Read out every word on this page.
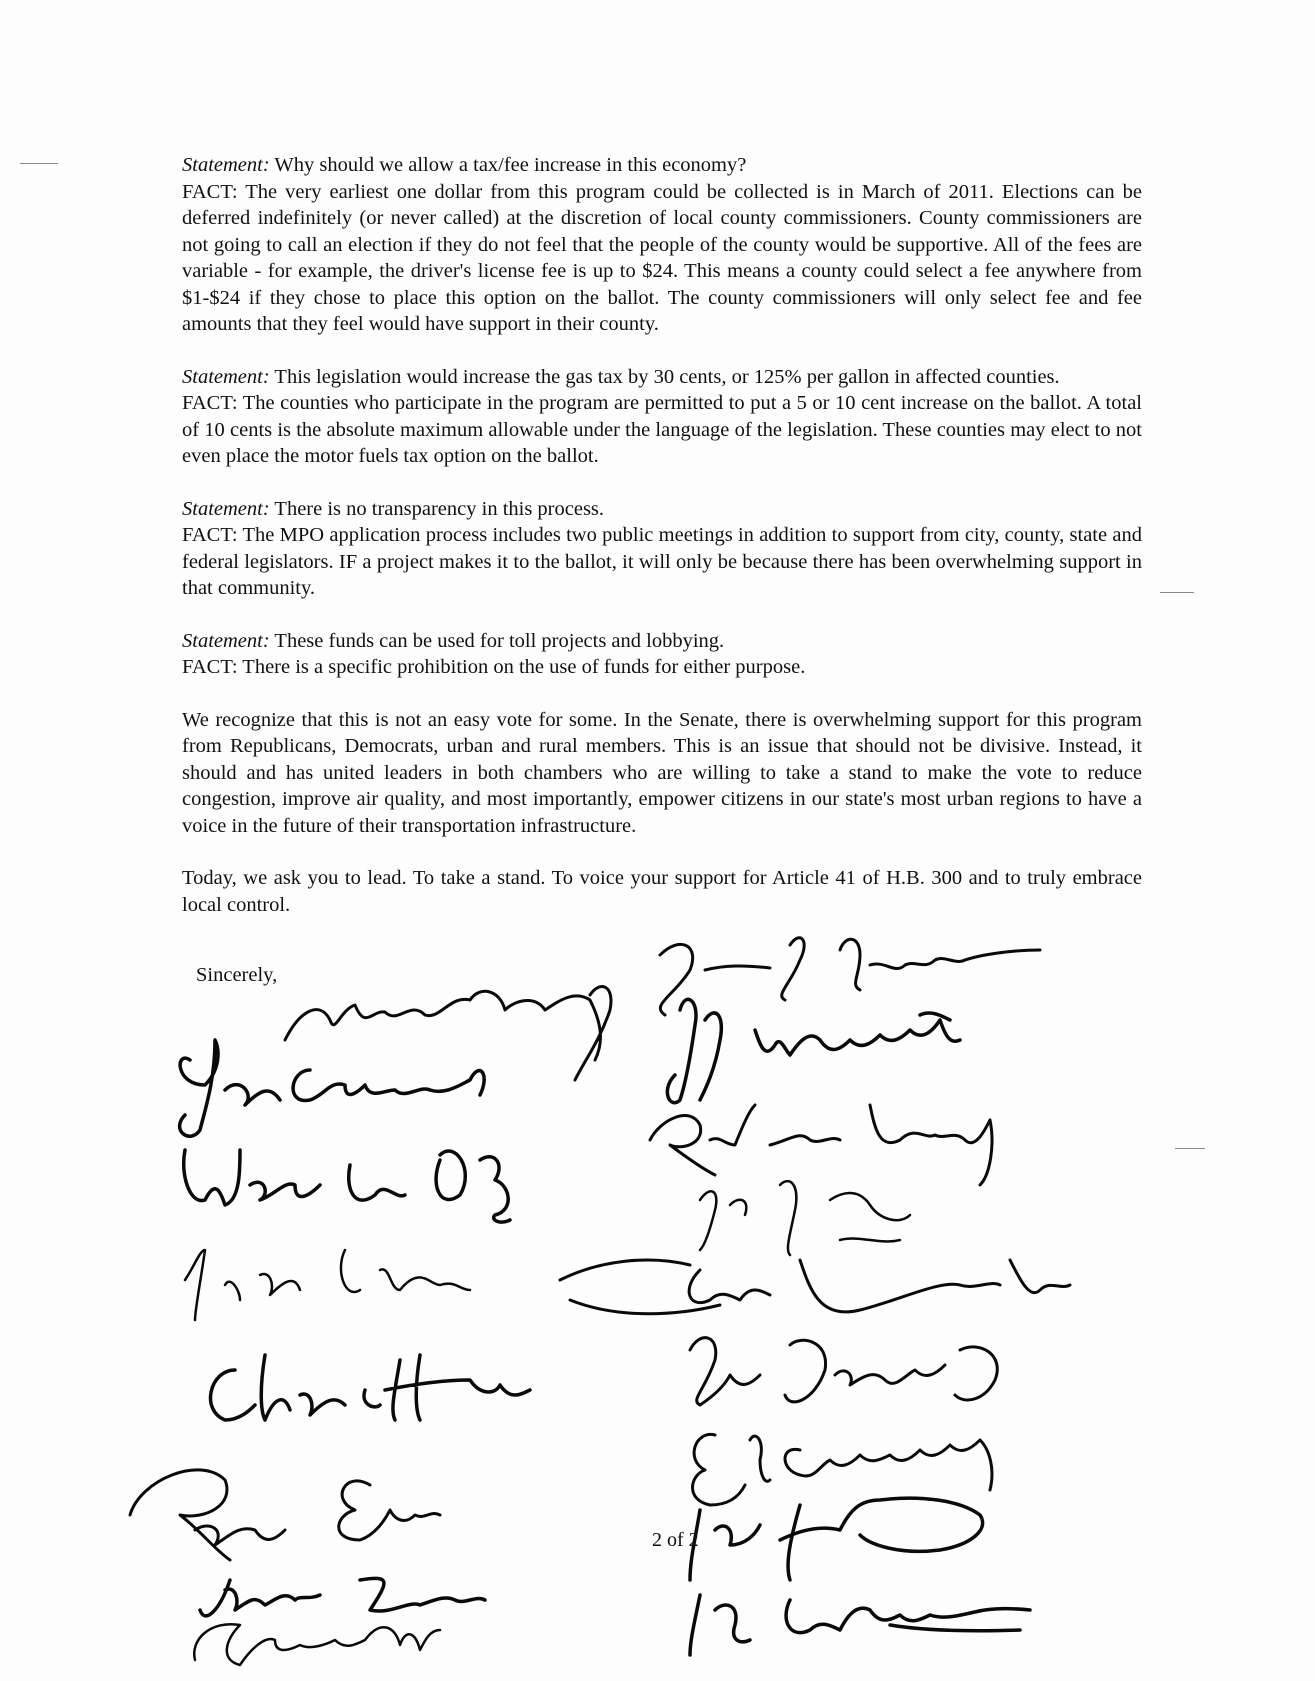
Statement: Why should we allow a tax/fee increase in this economy?

FACT: The very earliest one dollar from this program could be collected is in March of 2011. Elections can be deferred indefinitely (or never called) at the discretion of local county commissioners. County commissioners are not going to call an election if they do not feel that the people of the county would be supportive. All of the fees are variable - for example, the driver's license fee is up to $24. This means a county could select a fee anywhere from $1-$24 if they chose to place this option on the ballot. The county commissioners will only select fee and fee amounts that they feel would have support in their county.

Statement: This legislation would increase the gas tax by 30 cents, or 125% per gallon in affected counties.

FACT: The counties who participate in the program are permitted to put a 5 or 10 cent increase on the ballot. A total of 10 cents is the absolute maximum allowable under the language of the legislation. These counties may elect to not even place the motor fuels tax option on the ballot.

Statement: There is no transparency in this process.

FACT: The MPO application process includes two public meetings in addition to support from city, county, state and federal legislators. IF a project makes it to the ballot, it will only be because there has been overwhelming support in that community.

Statement: These funds can be used for toll projects and lobbying.

FACT: There is a specific prohibition on the use of funds for either purpose.

We recognize that this is not an easy vote for some. In the Senate, there is overwhelming support for this program from Republicans, Democrats, urban and rural members. This is an issue that should not be divisive. Instead, it should and has united leaders in both chambers who are willing to take a stand to make the vote to reduce congestion, improve air quality, and most importantly, empower citizens in our state's most urban regions to have a voice in the future of their transportation infrastructure.

Today, we ask you to lead. To take a stand. To voice your support for Article 41 of H.B. 300 and to truly embrace local control.

Sincerely,
2 of 2
